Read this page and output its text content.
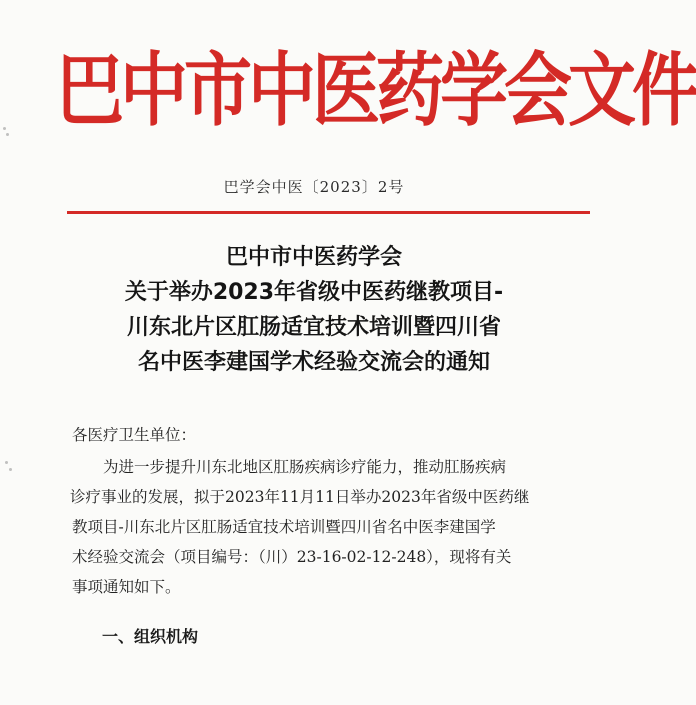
巴中市中医药学会文件
巴学会中医〔2023〕2号
巴中市中医药学会
关于举办2023年省级中医药继教项目-
川东北片区肛肠适宜技术培训暨四川省
名中医李建国学术经验交流会的通知
各医疗卫生单位：
为进一步提升川东北地区肛肠疾病诊疗能力，推动肛肠疾病
诊疗事业的发展，拟于2023年11月11日举办2023年省级中医药继
教项目-川东北片区肛肠适宜技术培训暨四川省名中医李建国学
术经验交流会（项目编号：（川）23-16-02-12-248），现将有关
事项通知如下。
一、组织机构
